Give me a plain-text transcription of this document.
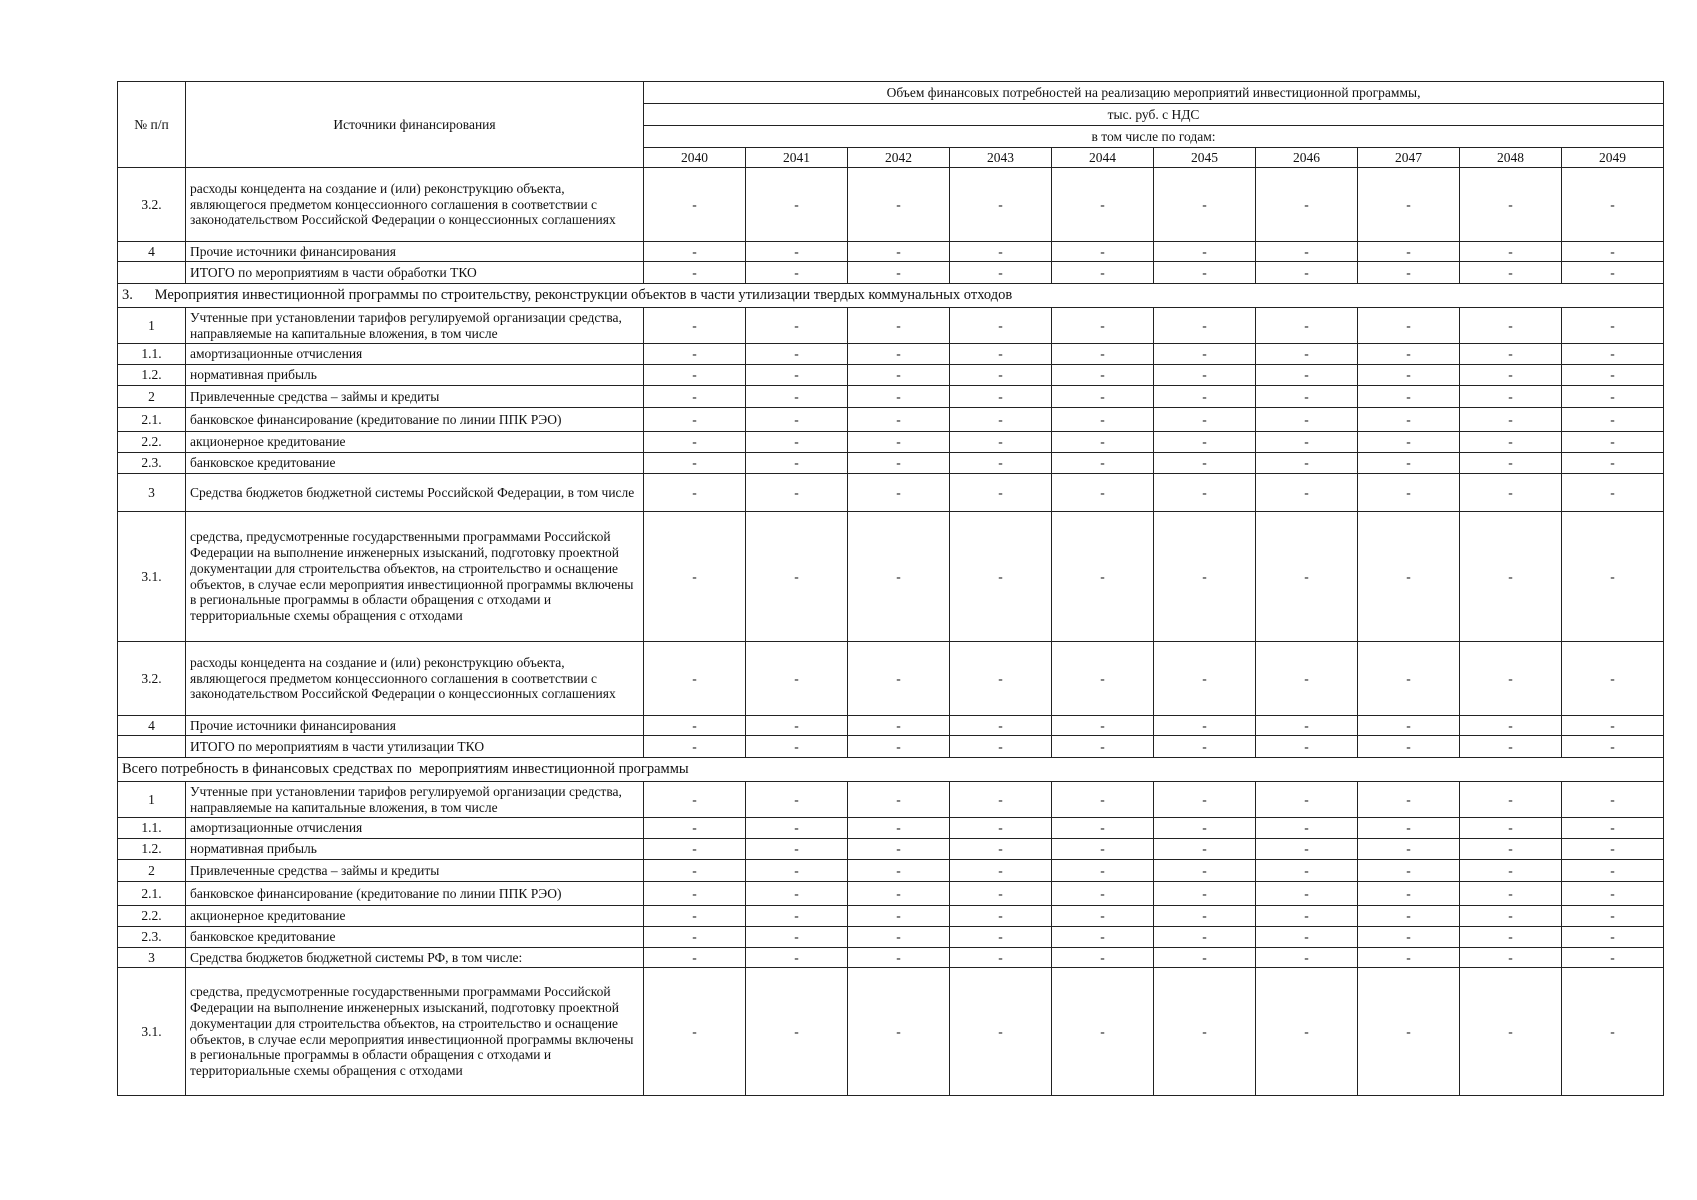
№ п/п	Источники финансирования	Объем финансовых потребностей на реализацию мероприятий инвестиционной программы,									
		тыс. руб. с НДС									
		в том числе по годам:									
		2040	2041	2042	2043	2044	2045	2046	2047	2048	2049
3.2.	расходы концедента на создание и (или) реконструкцию объекта, являющегося предметом концессионного соглашения в соответствии с законодательством Российской Федерации о концессионных соглашениях	-	-	-	-	-	-	-	-	-	-
4	Прочие источники финансирования	-	-	-	-	-	-	-	-	-	-
	ИТОГО по мероприятиям в части обработки ТКО	-	-	-	-	-	-	-	-	-	-
3.      Мероприятия инвестиционной программы по строительству, реконструкции объектов в части утилизации твердых коммунальных отходов											
1	Учтенные при установлении тарифов регулируемой организации средства, направляемые на капитальные вложения, в том числе	-	-	-	-	-	-	-	-	-	-
1.1.	амортизационные отчисления	-	-	-	-	-	-	-	-	-	-
1.2.	нормативная прибыль	-	-	-	-	-	-	-	-	-	-
2	Привлеченные средства – займы и кредиты	-	-	-	-	-	-	-	-	-	-
2.1.	банковское финансирование (кредитование по линии ППК РЭО)	-	-	-	-	-	-	-	-	-	-
2.2.	акционерное кредитование	-	-	-	-	-	-	-	-	-	-
2.3.	банковское кредитование	-	-	-	-	-	-	-	-	-	-
3	Средства бюджетов бюджетной системы Российской Федерации, в том числе	-	-	-	-	-	-	-	-	-	-
3.1.	средства, предусмотренные государственными программами Российской Федерации на выполнение инженерных изысканий, подготовку проектной документации для строительства объектов, на строительство и оснащение объектов, в случае если мероприятия инвестиционной программы включены в региональные программы в области обращения с отходами и территориальные схемы обращения с отходами	-	-	-	-	-	-	-	-	-	-
3.2.	расходы концедента на создание и (или) реконструкцию объекта, являющегося предметом концессионного соглашения в соответствии с законодательством Российской Федерации о концессионных соглашениях	-	-	-	-	-	-	-	-	-	-
4	Прочие источники финансирования	-	-	-	-	-	-	-	-	-	-
	ИТОГО по мероприятиям в части утилизации ТКО	-	-	-	-	-	-	-	-	-	-
Всего потребность в финансовых средствах по  мероприятиям инвестиционной программы											
1	Учтенные при установлении тарифов регулируемой организации средства, направляемые на капитальные вложения, в том числе	-	-	-	-	-	-	-	-	-	-
1.1.	амортизационные отчисления	-	-	-	-	-	-	-	-	-	-
1.2.	нормативная прибыль	-	-	-	-	-	-	-	-	-	-
2	Привлеченные средства – займы и кредиты	-	-	-	-	-	-	-	-	-	-
2.1.	банковское финансирование (кредитование по линии ППК РЭО)	-	-	-	-	-	-	-	-	-	-
2.2.	акционерное кредитование	-	-	-	-	-	-	-	-	-	-
2.3.	банковское кредитование	-	-	-	-	-	-	-	-	-	-
3	Средства бюджетов бюджетной системы РФ, в том числе:	-	-	-	-	-	-	-	-	-	-
3.1.	средства, предусмотренные государственными программами Российской Федерации на выполнение инженерных изысканий, подготовку проектной документации для строительства объектов, на строительство и оснащение объектов, в случае если мероприятия инвестиционной программы включены в региональные программы в области обращения с отходами и территориальные схемы обращения с отходами	-	-	-	-	-	-	-	-	-	-
